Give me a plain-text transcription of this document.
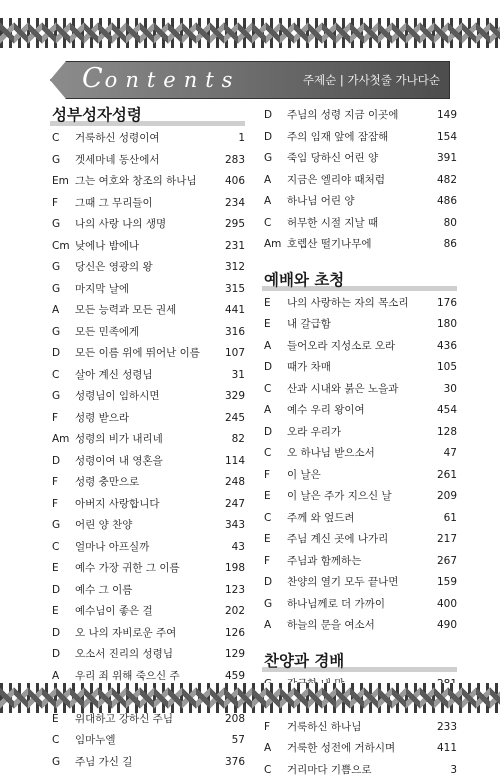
Contents	주제순 | 가사첫줄 가나다순
성부성자성령
C	거룩하신 성령이여	1
G	겟세마네 동산에서	283
Em 그는 여호와 창조의 하나님	406
F	그때 그 무리들이	234
G	나의 사랑 나의 생명	295
Cm 낮에나 밤에나	231
G	당신은 영광의 왕	312
G	마지막 날에	315
A	모든 능력과 모든 권세	441
G	모든 민족에게	316
D	모든 이름 위에 뛰어난 이름 107
C	살아 계신 성령님	31
G	성령님이 임하시면	329
F	성령 받으라	245
Am 성령의 비가 내리네	82
D	성령이여 내 영혼을	114
F	성령 충만으로	248
F	아버지 사랑합니다	247
G	어린 양 찬양	343
C	얼마나 아프실까	43
E	예수 가장 귀한 그 이름	198
D	예수 그 이름	123
E	예수님이 좋은 걸	202
D	오 나의 자비로운 주여	126
D	오소서 진리의 성령님	129
A	우리 죄 위해 죽으신 주	459
E	위대하고 강하신 주님	208
C	임마누엘	57
G	주님 가신 길	376
D	주님의 성령 지금 이곳에	149
D	주의 임재 앞에 잠잠해	154
G	죽임 당하신 어린 양	391
A	지금은 엘리야 때처럼	482
A	하나님 어린 양	486
C	허무한 시절 지날 때	80
Am 호렙산 떨기나무에	86
예배와 초청
E	나의 사랑하는 자의 목소리	176
E	내 갈급함	180
A	들어오라 지성소로 오라	436
D	때가 차매	105
C	산과 시내와 붉은 노을과	30
A	예수 우리 왕이여	454
D	오라 우리가	128
C	오 하나님 받으소서	47
F	이 날은	261
E	이 날은 주가 지으신 날	209
C	주께 와 엎드려	61
E	주님 계신 곳에 나가리	217
F	주님과 함께하는	267
D	찬양의 열기 모두 끝나면	159
G	하나님께로 더 가까이	400
A	하늘의 문을 여소서	490
찬양과 경배
F	거룩하신 하나님	233
A	거룩한 성전에 거하시며	411
C	거리마다 기쁨으로	3
